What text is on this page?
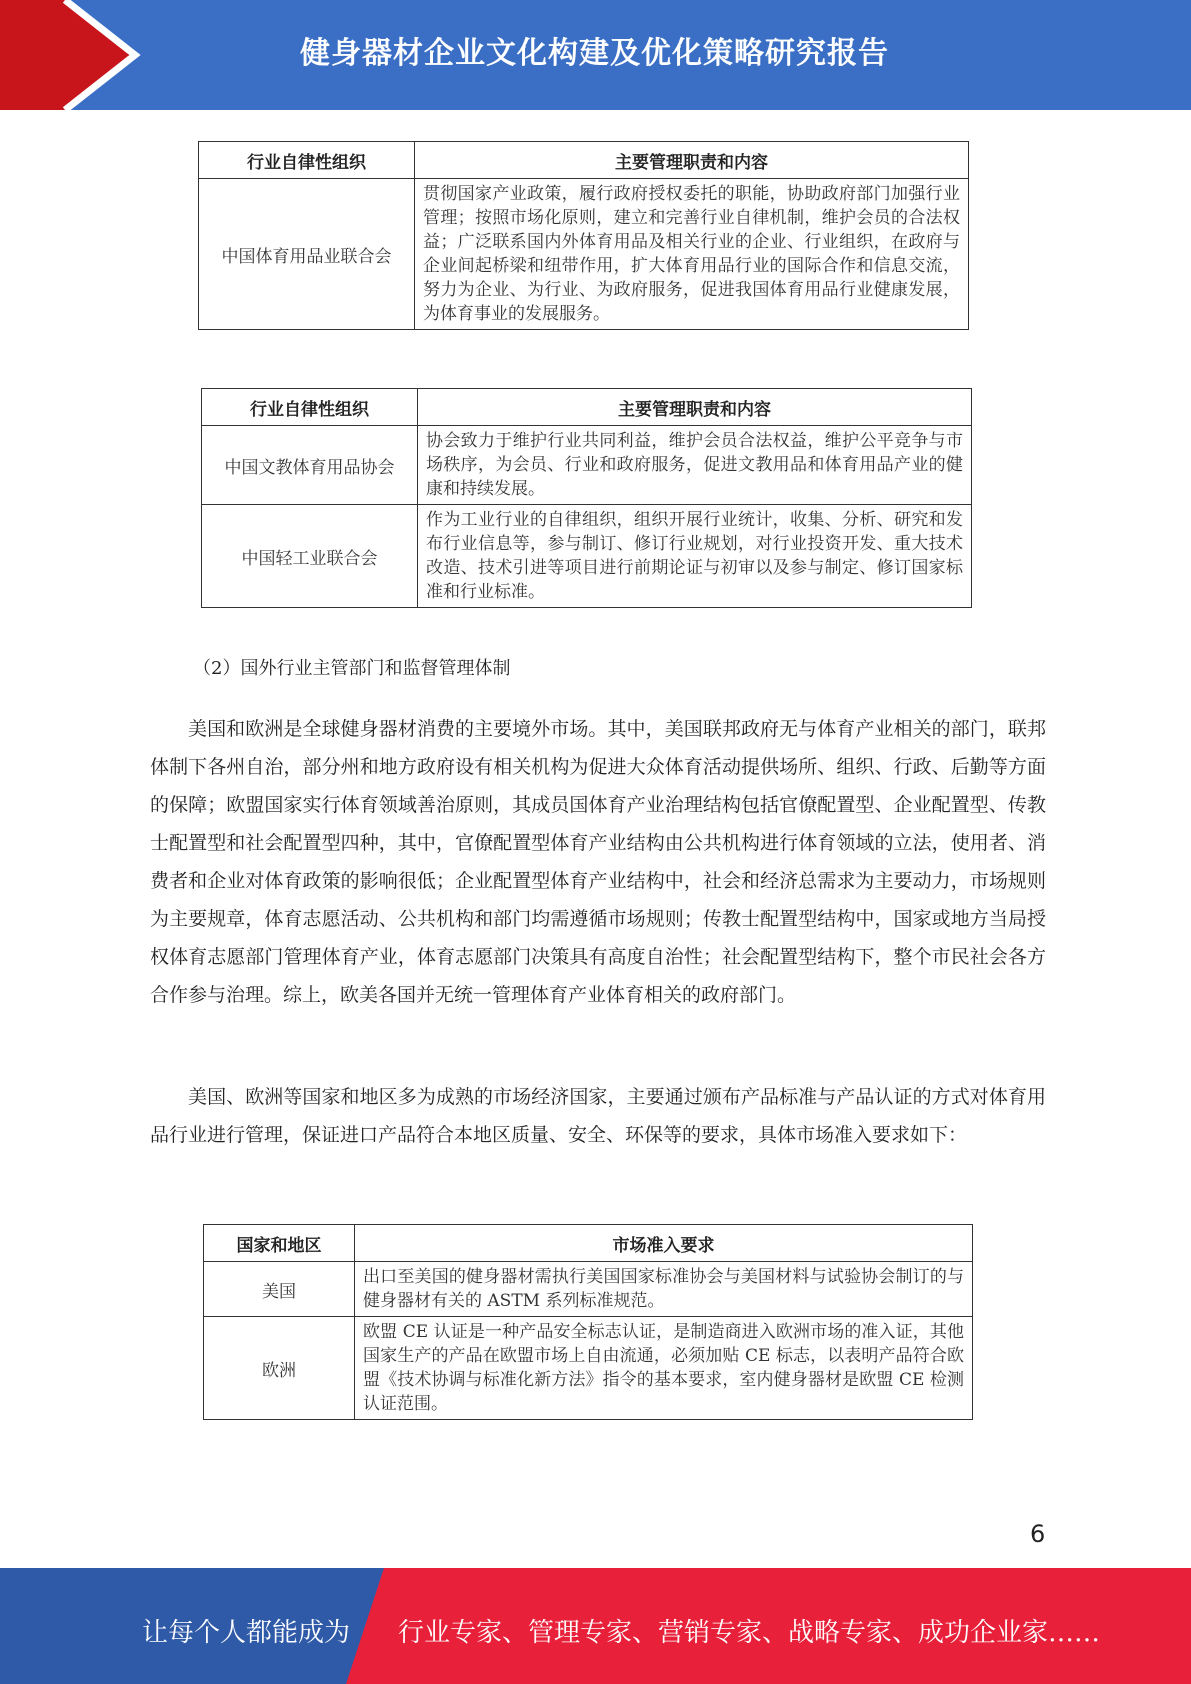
健身器材企业文化构建及优化策略研究报告
行业自律性组织	主要管理职责和内容
中国体育用品业联合会	贯彻国家产业政策，履行政府授权委托的职能，协助政府部门加强行业管理；按照市场化原则，建立和完善行业自律机制，维护会员的合法权益；广泛联系国内外体育用品及相关行业的企业、行业组织，在政府与企业间起桥梁和纽带作用，扩大体育用品行业的国际合作和信息交流，努力为企业、为行业、为政府服务，促进我国体育用品行业健康发展，为体育事业的发展服务。
行业自律性组织	主要管理职责和内容
中国文教体育用品协会	协会致力于维护行业共同利益，维护会员合法权益，维护公平竞争与市场秩序，为会员、行业和政府服务，促进文教用品和体育用品产业的健康和持续发展。
中国轻工业联合会	作为工业行业的自律组织，组织开展行业统计，收集、分析、研究和发布行业信息等，参与制订、修订行业规划，对行业投资开发、重大技术改造、技术引进等项目进行前期论证与初审以及参与制定、修订国家标准和行业标准。
（2）国外行业主管部门和监督管理体制

美国和欧洲是全球健身器材消费的主要境外市场。其中，美国联邦政府无与体育产业相关的部门，联邦体制下各州自治，部分州和地方政府设有相关机构为促进大众体育活动提供场所、组织、行政、后勤等方面的保障；欧盟国家实行体育领域善治原则，其成员国体育产业治理结构包括官僚配置型、企业配置型、传教士配置型和社会配置型四种，其中，官僚配置型体育产业结构由公共机构进行体育领域的立法，使用者、消费者和企业对体育政策的影响很低；企业配置型体育产业结构中，社会和经济总需求为主要动力，市场规则为主要规章，体育志愿活动、公共机构和部门均需遵循市场规则；传教士配置型结构中，国家或地方当局授权体育志愿部门管理体育产业，体育志愿部门决策具有高度自治性；社会配置型结构下，整个市民社会各方合作参与治理。综上，欧美各国并无统一管理体育产业体育相关的政府部门。

美国、欧洲等国家和地区多为成熟的市场经济国家，主要通过颁布产品标准与产品认证的方式对体育用品行业进行管理，保证进口产品符合本地区质量、安全、环保等的要求，具体市场准入要求如下：

国家和地区	市场准入要求
美国	出口至美国的健身器材需执行美国国家标准协会与美国材料与试验协会制订的与健身器材有关的 ASTM 系列标准规范。
欧洲	欧盟 CE 认证是一种产品安全标志认证，是制造商进入欧洲市场的准入证，其他国家生产的产品在欧盟市场上自由流通，必须加贴 CE 标志，以表明产品符合欧盟《技术协调与标准化新方法》指令的基本要求，室内健身器材是欧盟 CE 检测认证范围。
6
让每个人都能成为 行业专家、管理专家、营销专家、战略专家、成功企业家……
